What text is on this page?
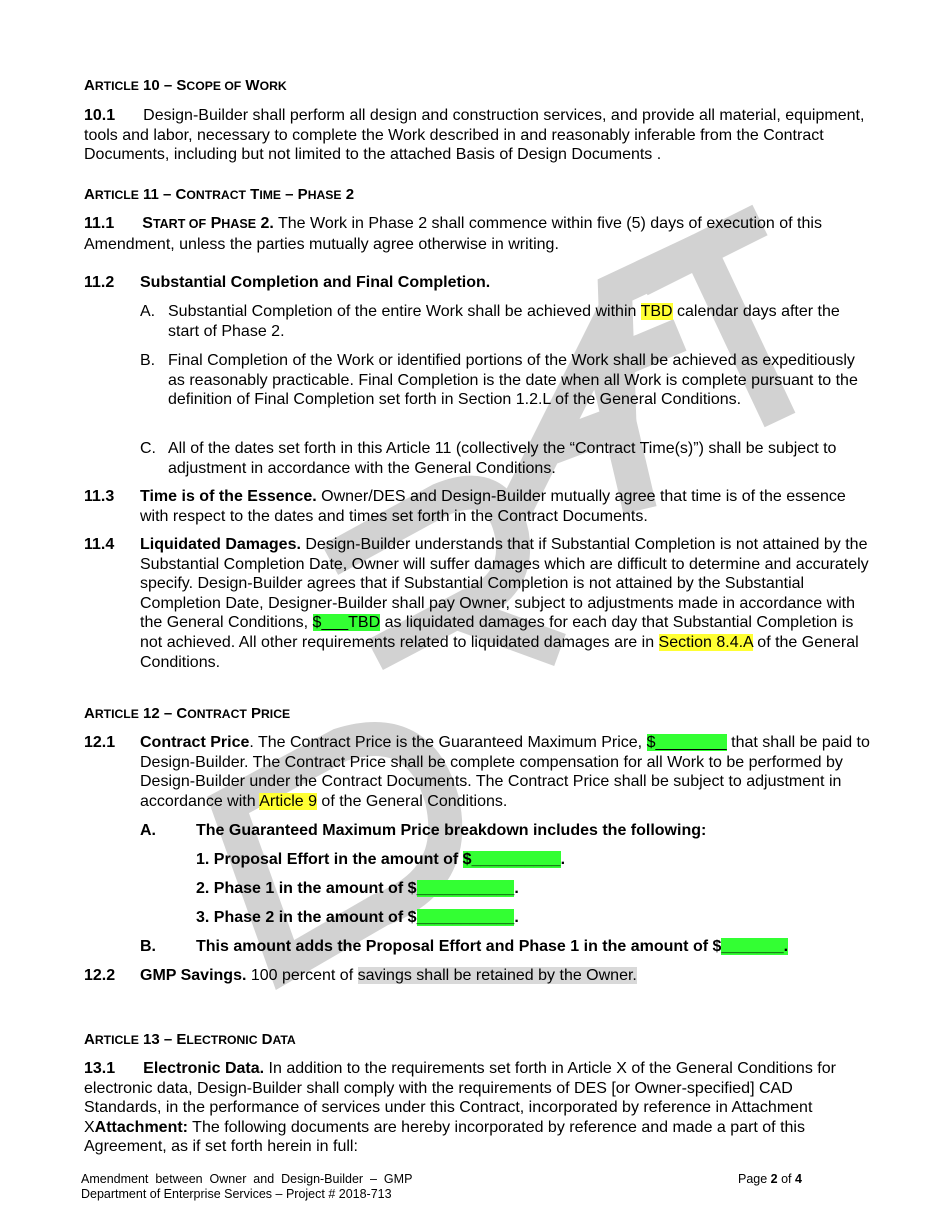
ARTICLE 10 – SCOPE OF WORK
10.1 Design-Builder shall perform all design and construction services, and provide all material, equipment, tools and labor, necessary to complete the Work described in and reasonably inferable from the Contract Documents, including but not limited to the attached Basis of Design Documents .
ARTICLE 11 – CONTRACT TIME – PHASE 2
11.1 START OF PHASE 2. The Work in Phase 2 shall commence within five (5) days of execution of this Amendment, unless the parties mutually agree otherwise in writing.
11.2 Substantial Completion and Final Completion.
A. Substantial Completion of the entire Work shall be achieved within TBD calendar days after the start of Phase 2.
B. Final Completion of the Work or identified portions of the Work shall be achieved as expeditiously as reasonably practicable. Final Completion is the date when all Work is complete pursuant to the definition of Final Completion set forth in Section 1.2.L of the General Conditions.
C. All of the dates set forth in this Article 11 (collectively the “Contract Time(s)”) shall be subject to adjustment in accordance with the General Conditions.
11.3 Time is of the Essence. Owner/DES and Design-Builder mutually agree that time is of the essence with respect to the dates and times set forth in the Contract Documents.
11.4 Liquidated Damages. Design-Builder understands that if Substantial Completion is not attained by the Substantial Completion Date, Owner will suffer damages which are difficult to determine and accurately specify. Design-Builder agrees that if Substantial Completion is not attained by the Substantial Completion Date, Designer-Builder shall pay Owner, subject to adjustments made in accordance with the General Conditions, $___TBD as liquidated damages for each day that Substantial Completion is not achieved. All other requirements related to liquidated damages are in Section 8.4.A of the General Conditions.
ARTICLE 12 – CONTRACT PRICE
12.1 Contract Price. The Contract Price is the Guaranteed Maximum Price, $________ that shall be paid to Design-Builder. The Contract Price shall be complete compensation for all Work to be performed by Design-Builder under the Contract Documents. The Contract Price shall be subject to adjustment in accordance with Article 9 of the General Conditions.
A.	The Guaranteed Maximum Price breakdown includes the following:
1. Proposal Effort in the amount of $__________.
2. Phase 1 in the amount of $___________.
3. Phase 2 in the amount of $___________.
B.	This amount adds the Proposal Effort and Phase 1 in the amount of $_______.
12.2 GMP Savings. 100 percent of savings shall be retained by the Owner.
ARTICLE 13 – ELECTRONIC DATA
13.1 Electronic Data. In addition to the requirements set forth in Article X of the General Conditions for electronic data, Design-Builder shall comply with the requirements of DES [or Owner-specified] CAD Standards, in the performance of services under this Contract, incorporated by reference in Attachment XAttachment: The following documents are hereby incorporated by reference and made a part of this Agreement, as if set forth herein in full:
Amendment  between  Owner  and  Design-Builder  –  GMP
Department of Enterprise Services – Project # 2018-713
Page 2 of 4
